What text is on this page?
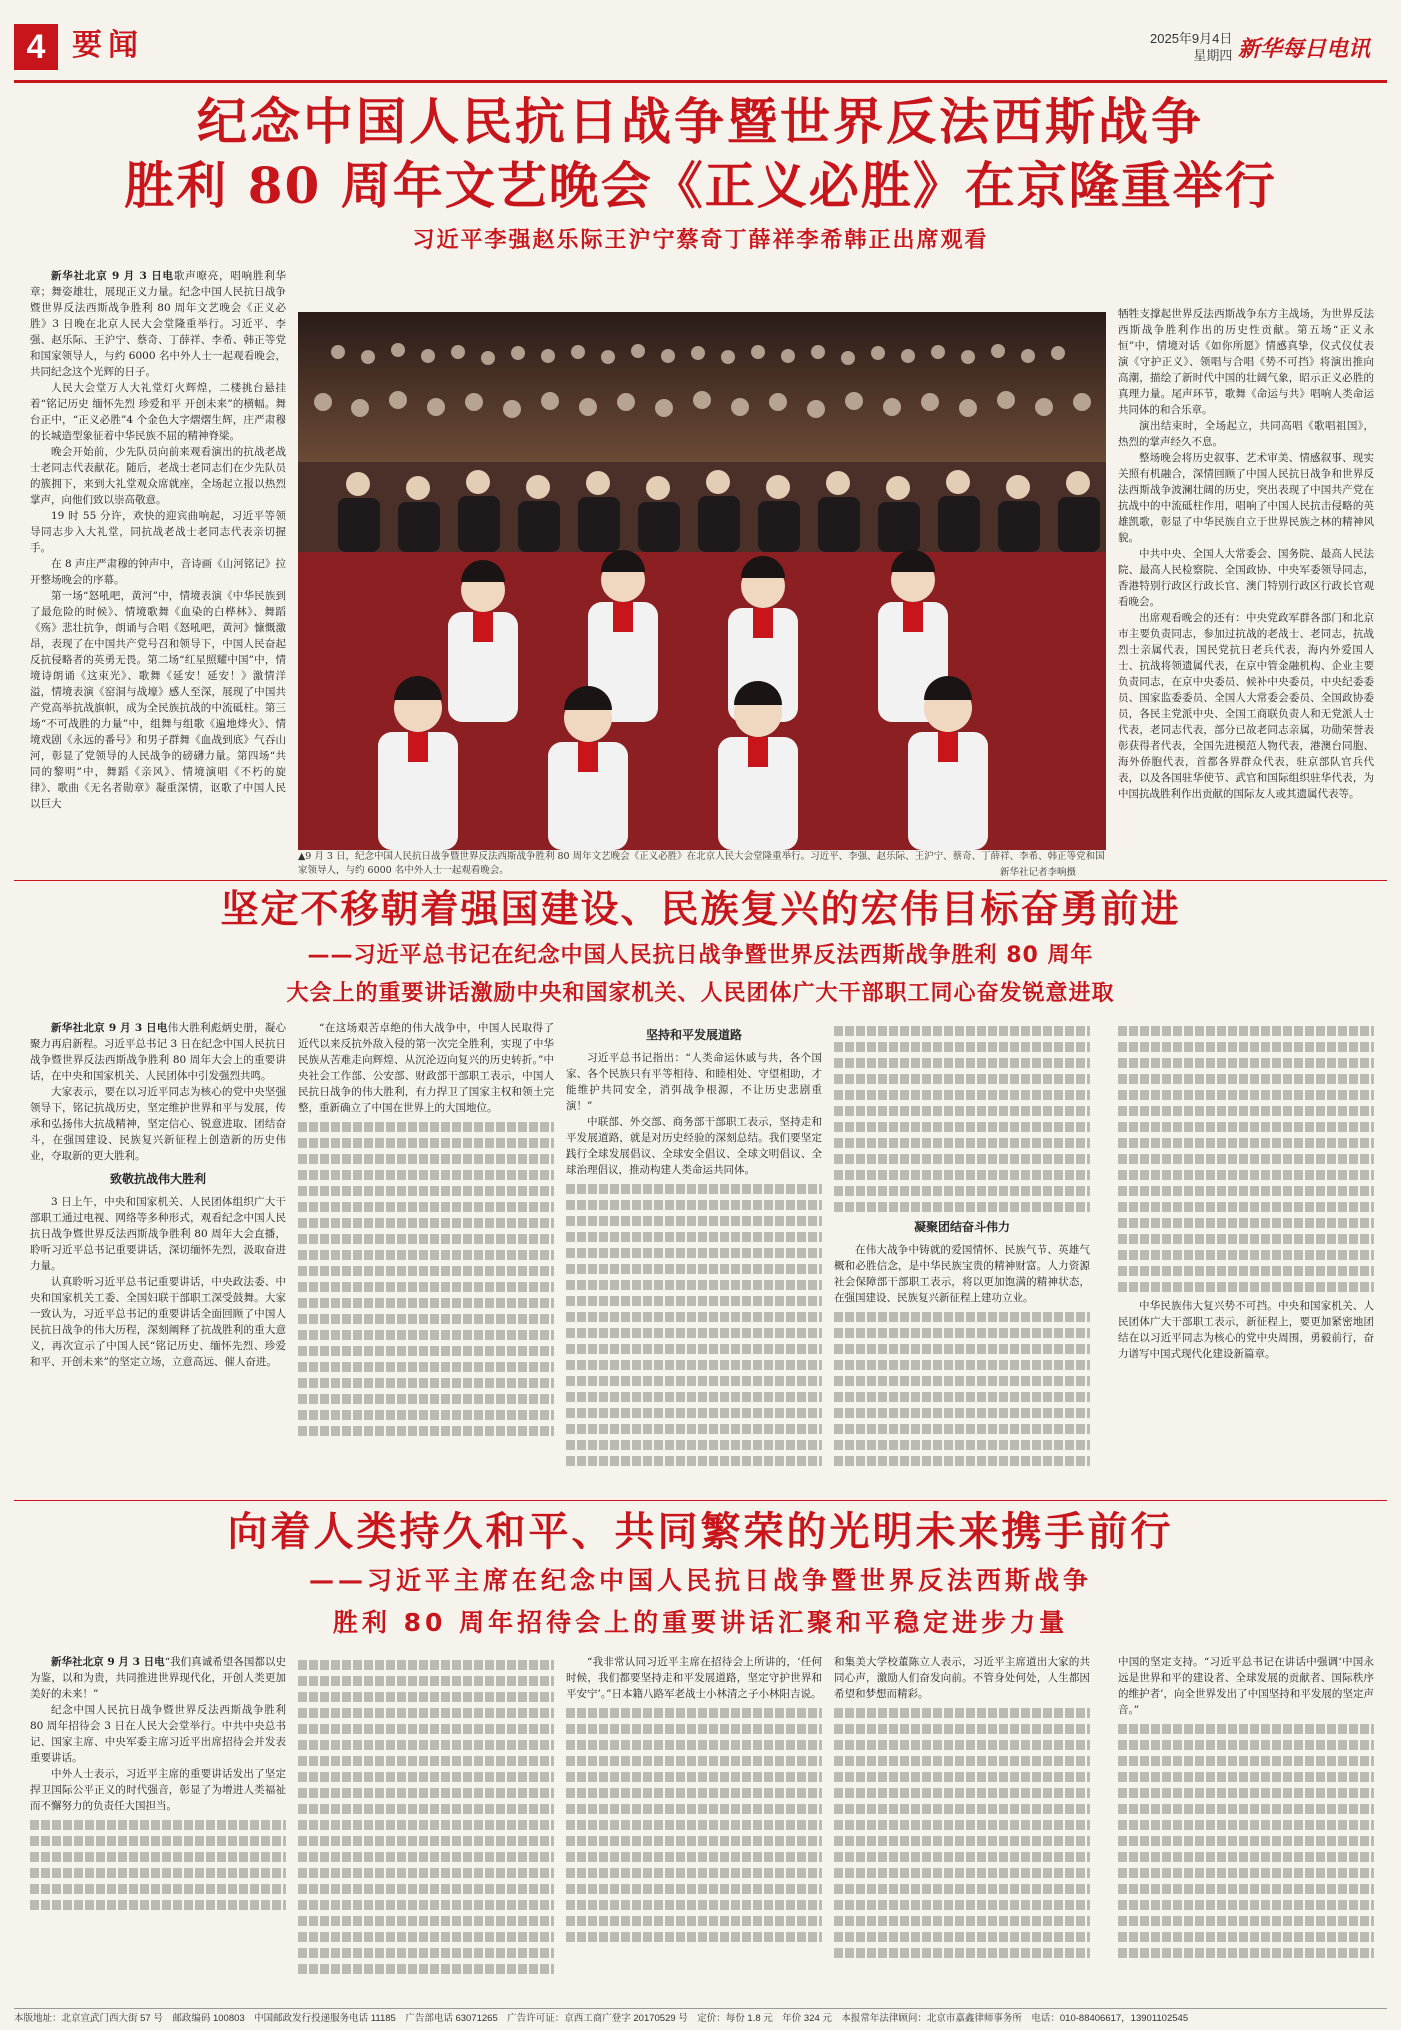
4 要闻	2025年9月4日
星期四 新华每日电讯
纪念中国人民抗日战争暨世界反法西斯战争
胜利 80 周年文艺晚会《正义必胜》在京隆重举行
习近平李强赵乐际王沪宁蔡奇丁薛祥李希韩正出席观看

新华社北京 9 月 3 日电歌声嘹亮，唱响胜利华章；舞姿雄壮，展现正义力量。纪念中国人民抗日战争暨世界反法西斯战争胜利 80 周年文艺晚会《正义必胜》3 日晚在北京人民大会堂隆重举行。习近平、李强、赵乐际、王沪宁、蔡奇、丁薛祥、李希、韩正等党和国家领导人，与约 6000 名中外人士一起观看晚会，共同纪念这个光辉的日子。

人民大会堂万人大礼堂灯火辉煌，二楼挑台悬挂着“铭记历史 缅怀先烈 珍爱和平 开创未来”的横幅。舞台正中，“正义必胜”4 个金色大字熠熠生辉，庄严肃穆的长城造型象征着中华民族不屈的精神脊梁。

晚会开始前，少先队员向前来观看演出的抗战老战士老同志代表献花。随后，老战士老同志们在少先队员的簇拥下，来到大礼堂观众席就座，全场起立报以热烈掌声，向他们致以崇高敬意。

19 时 55 分许，欢快的迎宾曲响起，习近平等领导同志步入大礼堂，同抗战老战士老同志代表亲切握手。

在 8 声庄严肃穆的钟声中，音诗画《山河铭记》拉开整场晚会的序幕。

第一场“怒吼吧，黄河”中，情境表演《中华民族到了最危险的时候》、情境歌舞《血染的白桦林》、舞蹈《殇》悲壮抗争，朗诵与合唱《怒吼吧，黄河》慷慨激昂，表现了在中国共产党号召和领导下，中国人民奋起反抗侵略者的英勇无畏。第二场“红星照耀中国”中，情境诗朗诵《这束光》、歌舞《延安！延安！》激情洋溢，情境表演《窑洞与战壕》感人至深，展现了中国共产党高举抗战旗帜，成为全民族抗战的中流砥柱。第三场“不可战胜的力量”中，组舞与组歌《遍地烽火》、情境戏剧《永远的番号》和男子群舞《血战到底》气吞山河，彰显了党领导的人民战争的磅礴力量。第四场“共同的黎明”中，舞蹈《亲风》、情境演唱《不朽的旋律》、歌曲《无名者勋章》凝重深情，讴歌了中国人民以巨大

▲9 月 3 日，纪念中国人民抗日战争暨世界反法西斯战争胜利 80 周年文艺晚会《正义必胜》在北京人民大会堂隆重举行。习近平、李强、赵乐际、王沪宁、蔡奇、丁薛祥、李希、韩正等党和国家领导人，与约 6000 名中外人士一起观看晚会。	新华社记者李响摄

牺牲支撑起世界反法西斯战争东方主战场，为世界反法西斯战争胜利作出的历史性贡献。第五场“正义永恒”中，情境对话《如你所愿》情感真挚，仪式仪仗表演《守护正义》、领唱与合唱《势不可挡》将演出推向高潮，描绘了新时代中国的壮阔气象，昭示正义必胜的真理力量。尾声环节，歌舞《命运与共》唱响人类命运共同体的和合乐章。

演出结束时，全场起立，共同高唱《歌唱祖国》，热烈的掌声经久不息。

整场晚会将历史叙事、艺术审美、情感叙事、现实关照有机融合，深情回顾了中国人民抗日战争和世界反法西斯战争波澜壮阔的历史，突出表现了中国共产党在抗战中的中流砥柱作用，唱响了中国人民抗击侵略的英雄凯歌，彰显了中华民族自立于世界民族之林的精神风貌。

中共中央、全国人大常委会、国务院、最高人民法院、最高人民检察院、全国政协、中央军委领导同志，香港特别行政区行政长官、澳门特别行政区行政长官观看晚会。

出席观看晚会的还有：中央党政军群各部门和北京市主要负责同志，参加过抗战的老战士、老同志，抗战烈士亲属代表，国民党抗日老兵代表，海内外爱国人士、抗战将领遗属代表，在京中管金融机构、企业主要负责同志，在京中央委员、候补中央委员，中央纪委委员、国家监委委员、全国人大常委会委员、全国政协委员，各民主党派中央、全国工商联负责人和无党派人士代表，老同志代表，部分已故老同志亲属，功勋荣誉表彰获得者代表，全国先进模范人物代表，港澳台同胞、海外侨胞代表，首都各界群众代表，驻京部队官兵代表，以及各国驻华使节、武官和国际组织驻华代表，为中国抗战胜利作出贡献的国际友人或其遗属代表等。

坚定不移朝着强国建设、民族复兴的宏伟目标奋勇前进
——习近平总书记在纪念中国人民抗日战争暨世界反法西斯战争胜利 80 周年
大会上的重要讲话激励中央和国家机关、人民团体广大干部职工同心奋发锐意进取

新华社北京 9 月 3 日电伟大胜利彪炳史册，凝心聚力再启新程。习近平总书记 3 日在纪念中国人民抗日战争暨世界反法西斯战争胜利 80 周年大会上的重要讲话，在中央和国家机关、人民团体中引发强烈共鸣。

大家表示，要在以习近平同志为核心的党中央坚强领导下，铭记抗战历史，坚定维护世界和平与发展，传承和弘扬伟大抗战精神，坚定信心、锐意进取、团结奋斗，在强国建设、民族复兴新征程上创造新的历史伟业，夺取新的更大胜利。

致敬抗战伟大胜利

3 日上午，中央和国家机关、人民团体组织广大干部职工通过电视、网络等多种形式，观看纪念中国人民抗日战争暨世界反法西斯战争胜利 80 周年大会直播，聆听习近平总书记重要讲话，深切缅怀先烈，汲取奋进力量。

认真聆听习近平总书记重要讲话，中央政法委、中央和国家机关工委、全国妇联干部职工深受鼓舞。大家一致认为，习近平总书记的重要讲话全面回顾了中国人民抗日战争的伟大历程，深刻阐释了抗战胜利的重大意义，再次宣示了中国人民“铭记历史、缅怀先烈、珍爱和平、开创未来”的坚定立场，立意高远、催人奋进。

“在这场艰苦卓绝的伟大战争中，中国人民取得了近代以来反抗外敌入侵的第一次完全胜利，实现了中华民族从苦难走向辉煌、从沉沦迈向复兴的历史转折。”中央社会工作部、公安部、财政部干部职工表示，中国人民抗日战争的伟大胜利，有力捍卫了国家主权和领土完整，重新确立了中国在世界上的大国地位。

坚持和平发展道路

习近平总书记指出：“人类命运休戚与共，各个国家、各个民族只有平等相待、和睦相处、守望相助，才能维护共同安全，消弭战争根源，不让历史悲剧重演！”

中联部、外交部、商务部干部职工表示，坚持走和平发展道路，就是对历史经验的深刻总结。我们要坚定践行全球发展倡议、全球安全倡议、全球文明倡议、全球治理倡议，推动构建人类命运共同体。

凝聚团结奋斗伟力

在伟大战争中铸就的爱国情怀、民族气节、英雄气概和必胜信念，是中华民族宝贵的精神财富。人力资源社会保障部干部职工表示，将以更加饱满的精神状态，在强国建设、民族复兴新征程上建功立业。

中华民族伟大复兴势不可挡。中央和国家机关、人民团体广大干部职工表示，新征程上，要更加紧密地团结在以习近平同志为核心的党中央周围，勇毅前行，奋力谱写中国式现代化建设新篇章。

向着人类持久和平、共同繁荣的光明未来携手前行
——习近平主席在纪念中国人民抗日战争暨世界反法西斯战争
胜利 80 周年招待会上的重要讲话汇聚和平稳定进步力量

新华社北京 9 月 3 日电“我们真诚希望各国都以史为鉴，以和为贵，共同推进世界现代化，开创人类更加美好的未来！”

纪念中国人民抗日战争暨世界反法西斯战争胜利 80 周年招待会 3 日在人民大会堂举行。中共中央总书记、国家主席、中央军委主席习近平出席招待会并发表重要讲话。

中外人士表示，习近平主席的重要讲话发出了坚定捍卫国际公平正义的时代强音，彰显了为增进人类福祉而不懈努力的负责任大国担当。

“我非常认同习近平主席在招待会上所讲的，‘任何时候，我们都要坚持走和平发展道路，坚定守护世界和平安宁’。”日本籍八路军老战士小林清之子小林阳吉说。

和集美大学校董陈立人表示，习近平主席道出大家的共同心声，激励人们奋发向前。不管身处何处，人生都因希望和梦想而精彩。

中国的坚定支持。“习近平总书记在讲话中强调‘中国永远是世界和平的建设者、全球发展的贡献者、国际秩序的维护者’，向全世界发出了中国坚持和平发展的坚定声音。”

本版地址：北京宣武门西大街 57 号　邮政编码 100803　中国邮政发行投递服务电话 11185　广告部电话 63071265　广告许可证：京西工商广登字 20170529 号　定价：每份 1.8 元　年价 324 元　本报常年法律顾问：北京市嘉鑫律师事务所　电话：010-88406617，13901102545
